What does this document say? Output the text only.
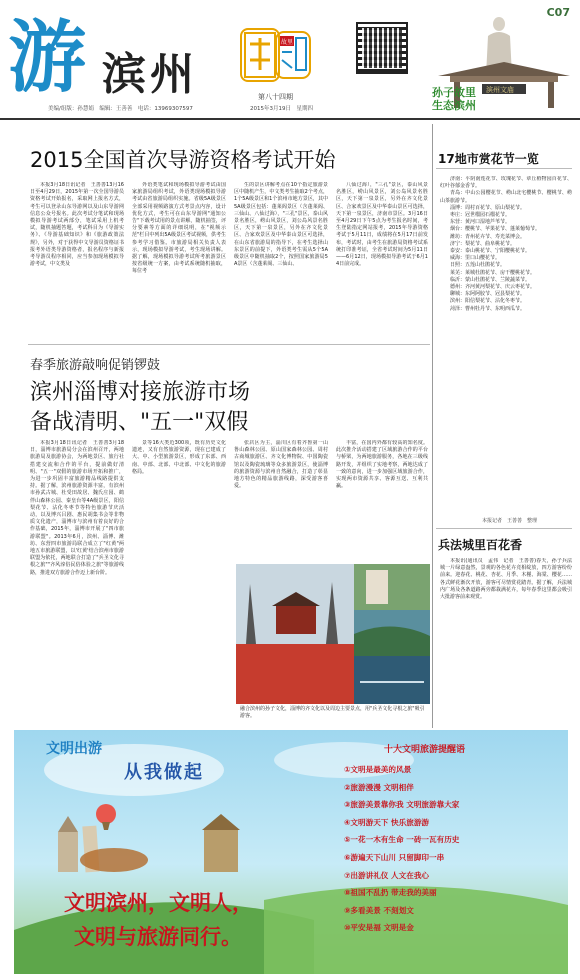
游 滨州
故里
C07
滨州文庙
孙子故里
生态滨州
第八十四期
2015年3月19日　星期四
美编/组版：孙慧娟　编辑：王善善　电话：13969307597
2015全国首次导游资格考试开始

本报3月18日讯记者　王善善13月16日至4月29日，2015年第一次全国导游员资格考试开始报名，采取网上报名方式，考生可以登录山东导游网以及山东导游网信息公众号报名。此次考试分笔试和现场模拟导游考试两部分，笔试采用上机考试，随机抽题答题，考试科目为《导游实务》、《导游基础知识》和《旅游政策法规》，另外，对于获得中文导游员资格证书报考外语类导游资格者，报名程序与新报考导游员程序相同，应当参加现场模拟导游考试，中文类及

外语类笔试和现场模拟导游考试由国家旅游局组织考试，外语类现场模拟导游考试由省旅游局组织实施。省级5A级景区全部采用视频路演方式考景点内容，设计优化方式，考生可在山东导游网"通知公告"下载考试用的景点讲解，随机抽签，评分要素等方面的详细说明，在"视频示范"栏目中列出5A级景区考试视频，供考生参考学习借鉴。市旅游局相关负责人表示，现场模拟导游考试，考生现场讲解。据了解，现场模拟导游考试所考旅游景区按省级统一方案，由考试系统随机抽取，每位考

生的景区讲解考点在10个指定旅游景区中随机产生，中文类考生抽取2个考点，1个5A级景区和1个滨州市地方景区，其中5A级景区包括：蓬莱阁景区（含蓬莱阁、三仙山、八仙过海），"三孔"景区，泰山风景名胜区，崂山风景区，刘公岛风景名胜区，天下第一泉景区，另外在齐文化景区、合家欢景区及中华泰山景区可选择，在山东省旅游局的指导下，在考生选择山东景区的前提下，外语类考生需从5个5A级景区中随机抽取2个，按照国家旅游局5A景区（含蓬莱阁、三仙山、

八仙过海），"三孔"景区，泰山风景名胜区，崂山风景区，刘公岛风景名胜区，天下第一泉景区，另外在齐文化景区、合家欢景区及中华泰山景区可选择，天下第一泉景区，济南市景区。3月16日至4月29日下午5点为考生报名时间，考生登陆指定网站报考，2015年导游资格考试于5月11日，成绩将在5月17日前发布，考试时，由考生在旅游局资格考试系统打印准考证，全省考试时间为5月11日——6月12日，现场模拟导游考试于6月14日前完成。

春季旅游敲响促销锣鼓
滨州淄博对接旅游市场
备战清明、"五一"双假

本报3月18日讯记者　王善善3月18日，淄博市旅游局分会在滨州召开，两地旅游局及旅游协会，为两地景区、旅行社搭建交流和合作的平台，提前做好清明、"五一"双假的旅游市场开拓和推广，为进一步巩固丰富旅游精品线路提供支持。据了解，滨州旅游资源丰富，有滨州市孙武古城、杜受田故居、魏氏庄园、鹤伴山森林公园、秦皇台等4A级景区，阳信梨花节、沾化冬枣节等特色旅游节庆活动，以及博兴吕剧、惠民胡集书会等非物质文化遗产，淄博市与滨州有着良好的合作基础，2015年，淄博市开展了"四市旅游联盟"。2013年6月，滨州、淄博、潍坊、东营四市旅游局联合成立了"红黄"两地五市旅游联盟，以'红黄'结合滨州市旅游联盟为依托，两地联合打造了"兵圣文化寻根之旅""齐风淳俗民俗体验之旅"等旅游线路，推进双方旅游合作迈上新台阶。

景等16大类近300项，既有历史文化遗迹，又有自然旅游资源，现在已建成了大、中、小型旅游景区，形成了东部、西南、中部、北部、中北部、中文化的旅游格局。

张店区为主，淄川区有着齐鲁第一山鲁山森林公园、原山国家森林公园、周村古商城旅游区、齐文化博物院、中国陶瓷馆以及陶瓷琉璃等众多旅游景区，使淄博的旅游资源与滨州自然融合，打造了彰显地方特色的精品旅游线路，深受游客喜爱。

丰富，在国内外都有较高的知名度。此次推介活动搭建了区域旅游合作的平台与桥梁，为两地旅游服务，各地在三级线路开发，并组织了实地考察，两地达成了一致的意向，进一步加强区域旅游合作，实现两市资源共享、客源互送、互利共赢。

融合滨州的孙子文化，淄博的齐文化以及周边主要景点，用"兵圣文化寻根之旅"吸引游客。
17地市赏花节一览

济南：平阴南莲花节、玫瑰花节、章丘植物园百花节、红叶谷郁金香节。

青岛：中山公园樱花节、崂山北宅樱桃节、樱桃节、崂山茶旅游节。

淄博：周村百花节、原山梨花节。

枣庄：冠世榴园石榴花节。

东营：黄河口湿地芦苇节。

烟台：樱桃节、苹果花节、蓬莱葡萄节。

潍坊：青州花卉节、寿光菜博会。

济宁：梨花节、曲阜桃花节。

泰安：泰山桃花节、宁阳樱桃花节。

威海：里口山樱花节。

日照：五莲山杜鹃花节。

莱芜：莱城杜鹃花节、房干樱桃花节。

临沂：蒙山杜鹃花节、兰陵蔬菜节。

德州：齐河黄河梨花节、庆云枣花节。

聊城：东阿阿胶节、冠县梨花节。

滨州：阳信梨花节、沾化冬枣节。

菏泽：曹州牡丹节、东明西瓜节。

本报记者　王善善　整理
兵法城里百花香

本报讯(通讯员　孟伟　记者　王善善)春天，孙子兵法城一片绿意盎然，景观的各色花卉竞相绽放，四方游客纷纷前来。迎春花、桃花、杏花、月季、木槿、海棠、樱花……各式鲜花渐次开放，游客可尽情赏花踏青。据了解，兵法城内广场及各条道路两旁都栽满花卉，每年春季这里都会吸引大批游客前来观赏。

文明出游
从我做起
文明滨州，文明人，
文明与旅游同行。
十大文明旅游提醒语
①文明是最美的风景
②旅游漫漫 文明相伴
③旅游美景靠你我 文明旅游靠大家
④文明游天下 快乐旅游游
⑤一花一木有生命 一砖一瓦有历史
⑥游遍天下山川 只留脚印一串
⑦出游讲礼仪 人文在我心
⑧祖国不乱扔 带走我的美丽
⑨多看美景 不刻划文
⑩平安是福 文明是金
